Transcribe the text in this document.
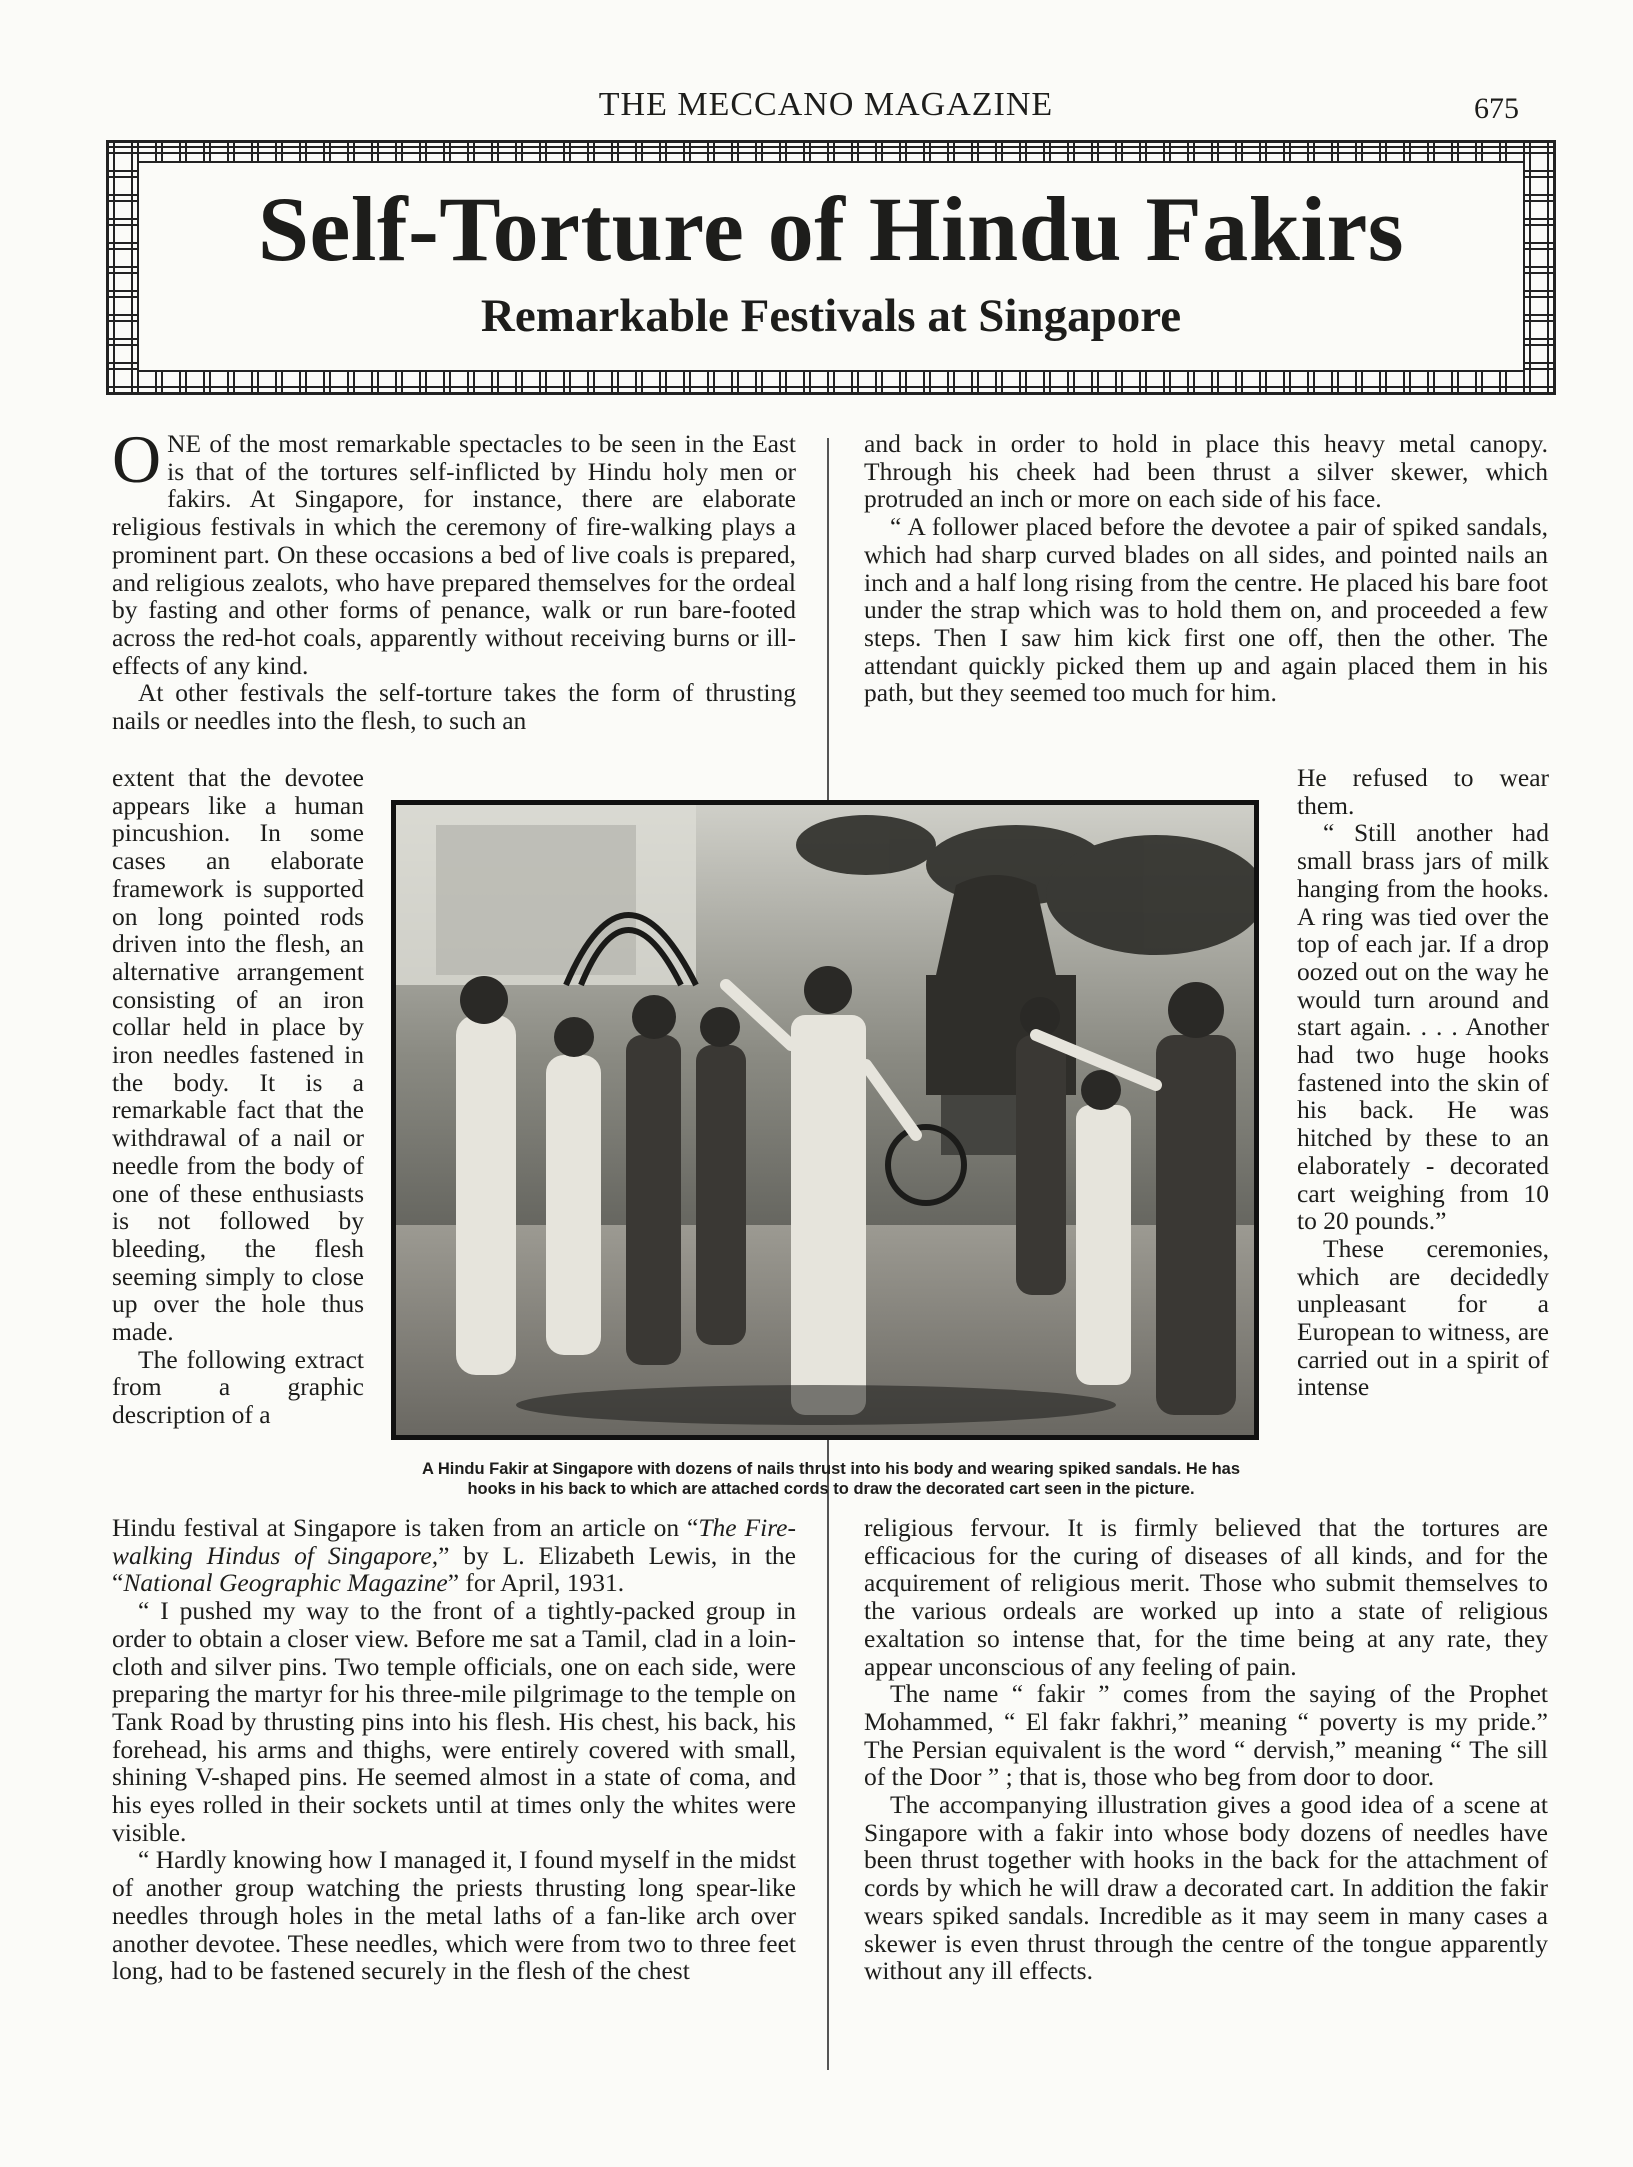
THE MECCANO MAGAZINE	675
Self-Torture of Hindu Fakirs
Remarkable Festivals at Singapore

ONE of the most remarkable spectacles to be seen in the East is that of the tortures self-inflicted by Hindu holy men or fakirs. At Singapore, for instance, there are elaborate religious festivals in which the ceremony of fire-walking plays a prominent part. On these occasions a bed of live coals is prepared, and religious zealots, who have prepared themselves for the ordeal by fasting and other forms of penance, walk or run bare-footed across the red-hot coals, apparently without receiving burns or ill-effects of any kind.

At other festivals the self-torture takes the form of thrusting nails or needles into the flesh, to such an

extent that the devotee appears like a human pincushion. In some cases an elaborate framework is supported on long pointed rods driven into the flesh, an alternative arrangement consisting of an iron collar held in place by iron needles fastened in the body. It is a remarkable fact that the withdrawal of a nail or needle from the body of one of these enthusiasts is not followed by bleeding, the flesh seeming simply to close up over the hole thus made.

The following extract from a graphic description of a

Hindu festival at Singapore is taken from an article on “The Fire-walking Hindus of Singapore,” by L. Elizabeth Lewis, in the “National Geographic Magazine” for April, 1931.

“ I pushed my way to the front of a tightly-packed group in order to obtain a closer view. Before me sat a Tamil, clad in a loin-cloth and silver pins. Two temple officials, one on each side, were preparing the martyr for his three-mile pilgrimage to the temple on Tank Road by thrusting pins into his flesh. His chest, his back, his forehead, his arms and thighs, were entirely covered with small, shining V-shaped pins. He seemed almost in a state of coma, and his eyes rolled in their sockets until at times only the whites were visible.

“ Hardly knowing how I managed it, I found myself in the midst of another group watching the priests thrusting long spear-like needles through holes in the metal laths of a fan-like arch over another devotee. These needles, which were from two to three feet long, had to be fastened securely in the flesh of the chest

and back in order to hold in place this heavy metal canopy. Through his cheek had been thrust a silver skewer, which protruded an inch or more on each side of his face.

“ A follower placed before the devotee a pair of spiked sandals, which had sharp curved blades on all sides, and pointed nails an inch and a half long rising from the centre. He placed his bare foot under the strap which was to hold them on, and proceeded a few steps. Then I saw him kick first one off, then the other. The attendant quickly picked them up and again placed them in his path, but they seemed too much for him.

He refused to wear them.

“ Still another had small brass jars of milk hanging from the hooks. A ring was tied over the top of each jar. If a drop oozed out on the way he would turn around and start again. . . . Another had two huge hooks fastened into the skin of his back. He was hitched by these to an elaborately - decorated cart weighing from 10 to 20 pounds.”

These ceremonies, which are decidedly unpleasant for a European to witness, are carried out in a spirit of intense

religious fervour. It is firmly believed that the tortures are efficacious for the curing of diseases of all kinds, and for the acquirement of religious merit. Those who submit themselves to the various ordeals are worked up into a state of religious exaltation so intense that, for the time being at any rate, they appear unconscious of any feeling of pain.

The name “ fakir ” comes from the saying of the Prophet Mohammed, “ El fakr fakhri,” meaning “ poverty is my pride.” The Persian equivalent is the word “ dervish,” meaning “ The sill of the Door ” ; that is, those who beg from door to door.

The accompanying illustration gives a good idea of a scene at Singapore with a fakir into whose body dozens of needles have been thrust together with hooks in the back for the attachment of cords by which he will draw a decorated cart. In addition the fakir wears spiked sandals. Incredible as it may seem in many cases a skewer is even thrust through the centre of the tongue apparently without any ill effects.

A Hindu Fakir at Singapore with dozens of nails thrust into his body and wearing spiked sandals. He has
hooks in his back to which are attached cords to draw the decorated cart seen in the picture.
